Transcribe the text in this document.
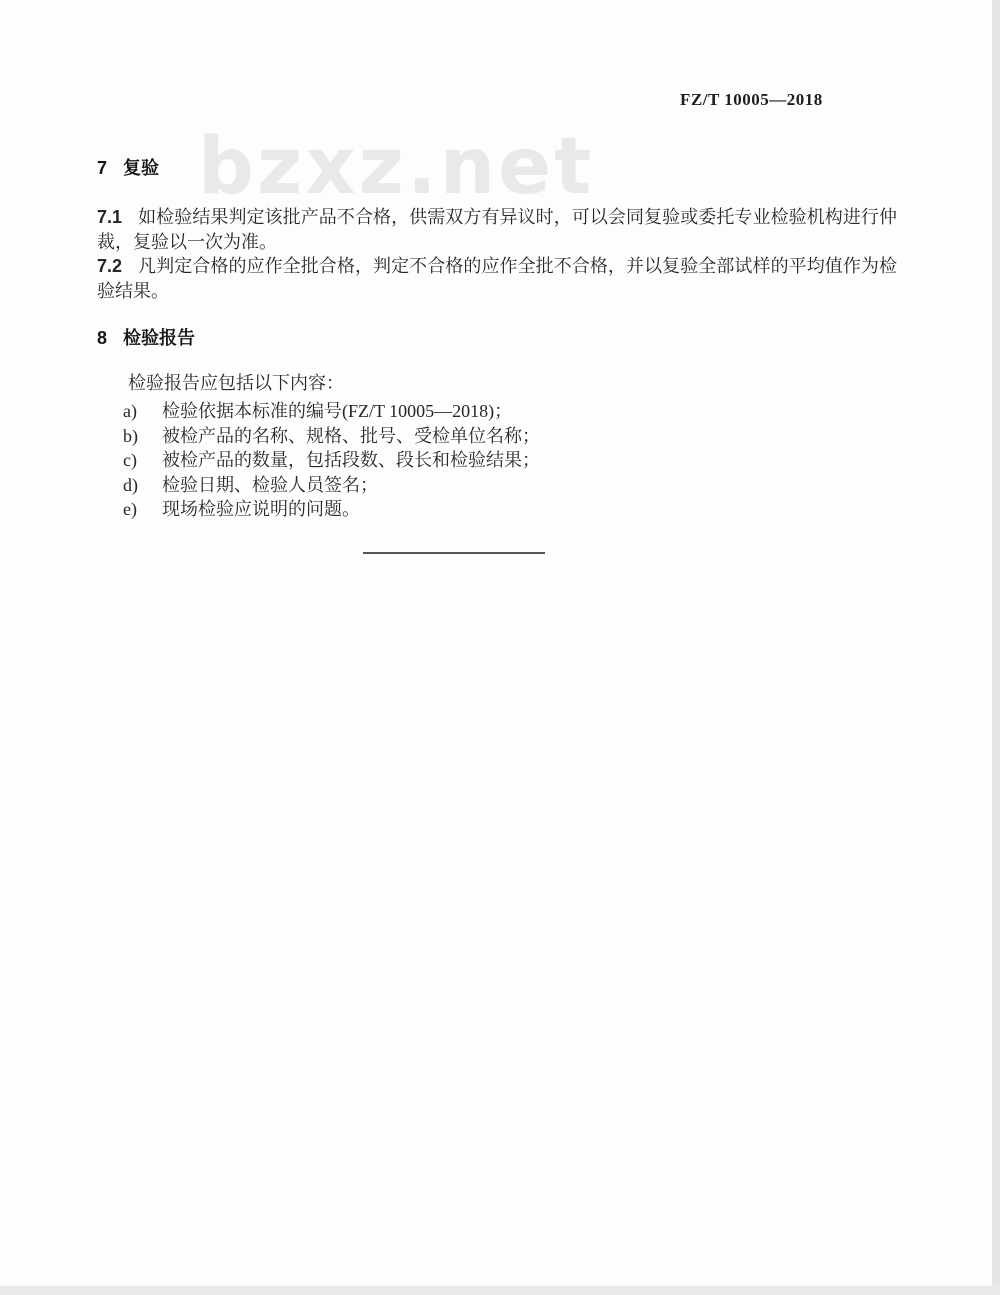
bzxz.net
FZ/T 10005—2018
7 复验

7.1 如检验结果判定该批产品不合格，供需双方有异议时，可以会同复验或委托专业检验机构进行仲裁，复验以一次为准。

7.2 凡判定合格的应作全批合格，判定不合格的应作全批不合格，并以复验全部试样的平均值作为检验结果。

8 检验报告

检验报告应包括以下内容：

a)	检验依据本标准的编号(FZ/T 10005—2018)；
b)	被检产品的名称、规格、批号、受检单位名称；
c)	被检产品的数量，包括段数、段长和检验结果；
d)	检验日期、检验人员签名；
e)	现场检验应说明的问题。
